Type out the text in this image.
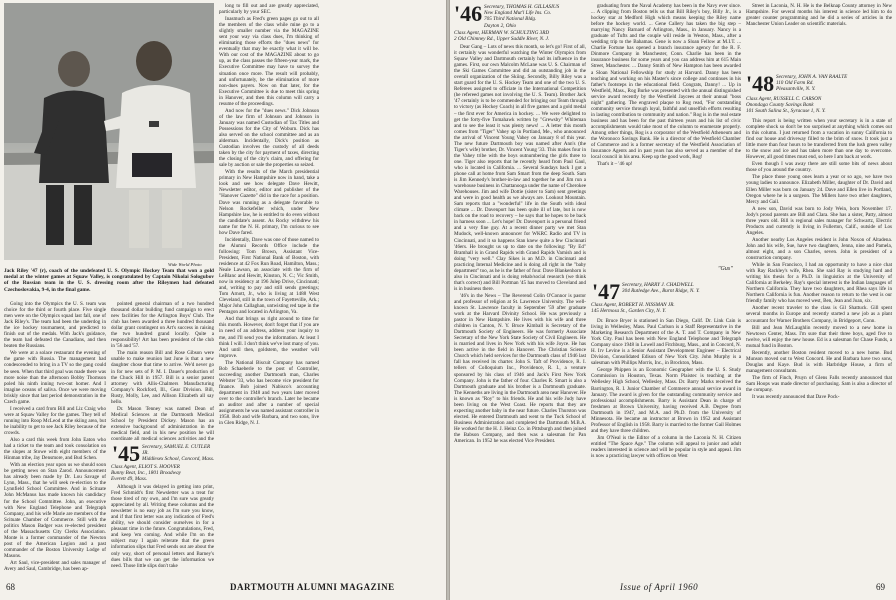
Wide World Photo
Jack Riley '47 (r), coach of the undefeated U. S. Olympic Hockey Team that won a gold medal at the winter games at Squaw Valley, is congratulated by Captain Nikolai Sologubov of the Russian team in the U. S. dressing room after the Rileymen had defeated Czechoslovakia, 9-4, in the final game.

Going into the Olympics the U. S. team was choice for the third or fourth place. Five single men were on the Olympics squad last fall, one of Jack Riley's. The team had been the underdog in the ice hockey tournament, and predicted to finish out of the medals. With Jack's guidance, the team had defeated the Canadians, and then beaten the Russians.

We were at a solace restaurant the evening of the game with Russia. The management had condescended to bring in a TV so the gang could be seen. When that third goal was made there was more noise than the afternoon Bobby Thomson poled his ninth inning two-out homer. And I imagine oceans of saliva. Once we were moving briskly since that last period demonstration in the Czech game.

I received a card from Bill and Liz Craig who were at Squaw Valley for the games. They tell of running into Roop McLeod at the skiing area, but he inability to get to see Jack Riley because of the crowds.

Also a card this week from John Eaton who had a ticket to the team and took consolation on the slopes at Stowe with eight members of the Hinman tribe, Jay Densmore, and Bud Schen.

With an election year upon us we should soon be getting news on Stan Zarod. Announcement has already been made by Dr. Lou Savage of Lynn, Mass., that he will seek re-election to the Lynnfield School Committee. And in Scituate John McManus has made known his candidacy for the School Committee. John, an executive with New England Telephone and Telegraph Company, and his wife Marie are members of the Scituate Chamber of Commerce. Still with the politics Mason Badger was re-elected president of the Massachusetts City Clerks Association. Monte is a former commander of the Newton post of the American Legion and a past commander of the Boston University Lodge of Masons.

Art Saul, vice-president and sales manager of Avery and Saul, Cambridge, has been ap-

pointed general chairman of a two hundred thousand dollar building fund campaign to erect new facilities for the Arlington Boys' Club. The club has been awarded a three hundred thousand dollar grant contingent on Art's success in raising the two hundred grand locally. Quite a responsibility! Art has been president of the club in '56 and '57.

The main reason Bill and Rose Gibson were unable to make reunion last June is that a new daughter chose that time to arrive. We'd never go in for new sets of P. M. I. Dauer's production of the Chuck Hill in 1957. Bill is a senior patent attorney with Allis-Chalmers Manufacturing Company's Rockford, Ill., Gear Division. Bill, Rusty, Molly, Lee, and Allison Elizabeth all say hello.

Dr. Mason Tenney was named Dean of Medical Sciences at the Dartmouth Medical School by President Dickey. Mason has an extensive background of administration in the medical field, and in his new position he will coordinate all medical sciences activities and the

'45 Secretary, SAMUEL E. CUTLER JR.
Middlesex School, Concord, Mass.
Class Agent, ELIOT S. HOOVER
Bunny Beat, Inc., 1801 Broadway
Everett 49, Mass.

Although it was delayed in getting into print, Fred Schmidt's first Newsletter was a treat for those tired of my own, and I'm sure was greatly appreciated by all. Writing these columns and the newsletter is no easy job as I'm sure you know, and if that first letter was any indication of Fred's ability, we should consider ourselves in for a pleasant time in the future. Congratulations, Fred, and keep 'em coming. And while I'm on the subject may I again reiterate that the green information slips that Fred sends out are about the only way, short of personal letters and Barney's dues bills that we can get the information we need. Those little slips don't take

long to fill out and are greatly appreciated, particularly by your SEC.

Inasmuch as Fred's green pages go out to all the members of the class while mine go to a slightly smaller number via the MAGAZINE sent your way via class dues, I'm thinking of eliminating those efforts the "dues news" for eventually that may be exactly what it will be. With our cost of the MAGAZINE about to go up, as the class passes the fifteen-year mark, the Executive Committee may have to survey the situation once more. The result will probably, and unfortunately, be the elimination of more non-dues payers. Now on that later, for the Executive Committee is due to meet this spring in Hanover, and then this column will carry a resume of the proceedings.

And now for the "dues news." Dick Johnson of the law firm of Johnson and Johnson in January was named Custodian of Tax Titles and Possessions for the City of Woburn. Dick has also served on the school committee and as an alderman. Incidentally, Dick's position as Custodian involves the custody of all deeds taken by the city for payment of taxes, directing the closing of the city's claim, and offering for sale by auction or sale the properties so seized.

With the results of the March presidential primary in New Hampshire now in hand, take a look and see how delegate Dave Hewitt, Newsletter editor, editor and publisher of the "Hanover Gazette" did in the race for a position. Dave was running as a delegate favorable to Nelson Rockefeller which, under New Hampshire law, he is entitled to do even without the candidate's assent. As Rocky withdrew his name for the N. H. primary, I'm curious to see how Dave fared.

Incidentally, Dave was one of those named to the Alumni Records Office include the following: Tom Brown, Assistant Vice-President, First National Bank of Boston, with residence at 42 Fox Run Road, Hamilton, Mass.; Neale Lawson, an associate with the firm of LeBlanc and Hewitt, Kinston, N. C.; Vic Smith, now in residency at 196 Julep Drive, Cincinnati; and, writing to pay and still sends greetings; Tom Arnott, Jr., who is living at 1488 West Cleveland, still in the town of Fayetteville, Ark.; Major John Callaghan, untwisting red tape in the Pentagon and located in Arlington, Va.

And that brings us right around to time for this month. However, don't forget that if you are in need of an address, address your inquiry to me, and I'll send you the information. At least I think I will. I don't think we've lost many of you. And until then, goldstem, the weather will improve.

The National Biscuit Company has named Bob Schaeberle to the post of Controller, succeeding another Dartmouth man, Charles Webster '33, who has become vice president for finance. Bob joined Nabisco's accounting department in 1948 and two years later moved over to the controller's branch. Later he became an auditor and after a number of special assignments he was named assistant controller in 1958. Bob and wife Barbara, and two sons, live in Glen Ridge, N. J.

68	DARTMOUTH ALUMNI MAGAZINE
'46 Secretary, THOMAS H. GILLASIUS
New England Mut'l Life Ins. Co.
705 Third National Bldg.
Dayton 2, Ohio
Class Agent, HERMAN W. SCHULTING 3RD
2 Old Chimney Rd., Upper Saddle River, N. J.

Dear Gang – Lots of news this month, so let's go! First of all, it certainly was wonderful watching the Winter Olympics from Squaw Valley and Dartmouth certainly had its influence in the games. First, our own Malcolm McLane was U. S. Chairman of the Ski Games Committee and did an outstanding job in the overall organization of the Skiing. Secondly, Billy Riley was a start guard for the U. S. Hockey Team and one of the two U. S. Referees assigned to officiate in the International Competition (he refereed games not involving the U. S. Team). Brother Jack '47 certainly is to be commended for bringing our Team through to victory (as Hockey Coach) in all five games and a gold medal – the first ever for America in hockey. ... We were delighted to get the forty-five Tomahawk written by "Grewsby" Whiteman and to see the least it was plenty news! ... A letter this month comes from "Tiger" Vahey up in Portland, Me., who announced the arrival of Vincent Young Vahey on January 8 of this year. The new future Dartmouth boy was named after Ann's (the Tiger's wife) brother, Dr. Vincent Young '33. This makes four in the Vahey tribe with the boys outnumbering the girls three to one. Tiger also reports that he recently heard from Paul Gaul, who is located in California. ... Several Sundays back I got a phone call at home from Sam Smart from the deep South. Sam is Jim Kennedy's brother-in-law and together he and Jim run a warehouse business in Chattanooga under the name of Cherokee Warehouses. Jim and wife Dottie (sister to Sam) sent greetings and were in good health as we always are. Lookout Mountain. Sam reports that a "wonderful" life in the South with ideal climate ... Dr. Davenport has been quite ill of late, but is now back on the road to recovery – he says that he hopes to be back in harness soon ... Let's hope! Dr. Davenport is a personal friend and a very fine guy. At a recent dinner party we met Stan Mudock, well-known announcer for WKRC Radio and TV in Cincinnati, and it so happens Stan knew quite a few Cincinnati '46ers. He brought us up to date on the following: "By Ed" Bramhall is in Grand Rapids with Grand Rapids Varnish and is doing "very well." Clay Sikes is an M.D. in Cincinnati and practicing Internal Medicine and is doing all right in the "baby department" too, as he is the father of four. Dave Blankenhorn is also in Cincinnati and is doing rehab/social research (we think that's correct) and Bill Portman '45 has moved to Cleveland and is in business there.

'46's in the News – The Reverend Colin O'Connor is pastor and professor of religion at St. Lawrence University. The well-known St. Lawrence faculty in September '59 after graduate work at the Harvard Divinity School. He was previously a pastor in New Hampshire. He lives with his wife and three children in Canton, N. Y. Bruce Kimball is Secretary of the Dartmouth Society of Engineers. He was formerly Associate Secretary of the New York State Society of Civil Engineers. He is married and lives in New York with his wife Joyce. He has been active in the field in Hanover. The Christian Science Church which held services for the Dartmouth class of 1946 last fall has received its charter. John S. Taft of Providence, R. I. tellers of Colloquium Inc., Providence, R. I., a venture sponsored by his class of 1946 and Jack's First New York Company. John is the father of four. Charles R. Smart is also a Dartmouth graduate and his brother is a Dartmouth graduate. The Kenneths are living in the Dartmouth area near Hanover. He is known as "Roy" to his friends. He and his wife Judy have been living on the West Coast. He reports that they are expecting another baby in the near future. Charles Thurston was elected. He entered Dartmouth and went to the Tuck School of Business Administration and completed the Dartmouth M.B.A. He worked for the H. J. Heinz Co. in Pittsburgh and then joined the Babson Company, and then was a salesman for Pan American. In 1952 he was elected Vice President.

graduating from the Naval Academy has been in the Navy ever since. ... A clipping from Boston tells us that Bill Riley's boy, Billy Jr., is a hockey star at Medford High which means keeping the Riley name before the hockey world. ... Gene Callery has taken the big step – marrying Nancy Barnard of Arlington, Mass., in January. Nancy is a graduate of Tufts and the couple will reside in Weston, Mass., after a wedding trip to the Bahamas. Gene is now a Sloan Fellow at M.I.T. ... Charlie Fortune has opened a branch insurance agency for the R. F. Dinmore Company in Manchester, Conn. Charlie has been in the insurance business for some years and you can address him at 615 Main Street, Manchester. ... Danny Smith of New Hampton has been awarded a Sloan National Fellowship for study at Harvard. Danny has been teaching and working on his Master's since college and continues in his father's footsteps in the educational field. Congrats, Danny! ... Up in Westfield, Mass., Rog Burke was presented with the annual distinguished service award recently by the Westfield Jaycees at their annual "boss night" gathering. The engraved plaque to Rog read, "For outstanding community service through loyal, faithful and unselfish efforts resulting in lasting contribution to community and nation." Rog is in the real estate business and has been for the past thirteen years and his list of civic accomplishments would take most of the column to enumerate properly. Among other things, Rog is a corporator of the Westfield Atheneum and the Woronoco Savings Bank. He is a director of the Westfield Chamber of Commerce and is a former secretary of the Westfield Association of Insurance Agents and in past years has also served as a member of the local council in his area. Keep up the good work, Rog!

That's it – '46 up!

"Gus"
'47 Secretary, HARRY J. CHADWELL
304 Rutledge Ave., Burnt Ridge, N. Y.
Class Agent, ROBERT H. NISSMAN JR.
145 Hermosa St., Garden City, N. Y.

Dr. Bruce Bryer is stationed in San Diego, Calif. Dr. Link Cain is living in Wellesley, Mass. Paul Carlson is a Staff Representative in the Marketing Research Department of the A. T. and T. Company in New York City. Paul has been with New England Telephone and Telegraph Company since 1948 in Lowell and Fitchburg, Mass., and in Concord, N. H. Irv Levine is a Senior Assistant Development Engineer – Electrical Division, Consolidated Edison of New York City. John Murphy is a salesman with Phillips Morris, Inc., in Brockton, Mass.

George Phippen is an Economic Geographer with the U. S. Study Commission in Houston, Texas. Norm Plaistec is teaching at the Wellesley High School, Wellesley, Mass. Dr. Barry Marks received the Barrington, R. I. Junior Chamber of Commerce annual service award in January. The award is given for the outstanding community service and professional accomplishments. Barry is Assistant Dean in charge of freshmen at Brown University, having received A.B. Degree from Dartmouth in 1947, and M.A. and Ph.D. from the University of Minnesota. He became an instructor at Brown in 1952 and Assistant Professor of English in 1958. Barry is married to the former Gail Holmes and they have three children.

Jim O'Neal is the Editor of a column in the Laconia N. H. Citizen entitled "The Space Age." The column will appeal to junior and adult readers interested in science and will be popular in style and appeal. Jim is now a practicing lawyer with offices on West

Street in Laconia, N. H. He is the Belknap County attorney in New Hampshire. For several months his interest in science led him to do greater counter programming and he did a series of articles in the Manchester Union Leader on scientific materials.

'48 Secretary, JOHN A. VAN RAALTE
110 Old Farm Rd.
Pleasantville, N. Y.
Class Agent, RUSSELL C. CARSON
Onondaga County Savings Bank
101 South Salina St., Syracuse 1, N. Y.

This report is being written when your secretary is in a state of complete shock so don't be too surprised at anything which comes out in this column. I just returned from a vacation in sunny California to find our house and driveway filled to the brim of snow. It took just a little more than four hours to be transferred from the lush green valley to the snow and ice and has taken more than one day to overcome. However, all good times must end, so here I am back at work.

Even though I was away there are still some bits of news about those of you around the country.

The place those young ones learn a year or so ago, we have two young ladies to announce. Elizabeth Miller, daughter of Dr. David and Ellen Miller was born on January 24. Dave and Ellen live in Portland, Oregon where he is a surgeon. The Millers have two other daughters, Mercy and Gail.

A new son, David was born to Jody Wein, born November 17. Jody's proud parents are Bill and Clara. She has a sister, Patty, almost three years old. Bill is regional sales manager for Schwartz, Electric Products and currently is living in Fullerton, Calif., outside of Los Angeles.

Another nearby Los Angeles resident is John Noxon of Altadena. John and his wife, Sue, have two daughters, Jenna, nine and Pamela, almost eight, and a son Charles, seven. John is president of a construction company.

While in San Francisco, I had an opportunity to have a nice chat with Ray Rackley's wife, Rhea. She said Ray is studying hard and writing his thesis for a Ph.D. in linguistics at the University of California at Berkeley. Ray's special interest is the Indian languages of Northern California. They have two daughters, and Rhea says life in Northern California is fun. Another reason to return to the west is our friendly family who has moved west, Ben, Jean and Joan, six.

Another recent traveler to the class is Gil Shattuck. Gill spent several months in Europe and recently started a new job as a plant accountant for Warner Brothers Company, in Bridgeport, Conn.

Bill and Jean McLaughlin recently moved to a new home in Newtown Center, Mass. I'm sure that their three boys, aged five to twelve, will enjoy the new house. Ed is a salesman for Chase Funds, a mutual fund in Boston.

Recently, another Boston resident moved to a new home. Bud Munson moved out to West Concord. He and Barbara have two sons, Douglas and Kaye. Bud is with Harbridge House, a firm of management consultants.

The firm of Finch, Pruyn of Glens Falls recently announced that Sam Hoops was made director of purchasing. Sam is also a director of the company.

It was recently announced that Dave Pock-

Issue of April 1960	69
